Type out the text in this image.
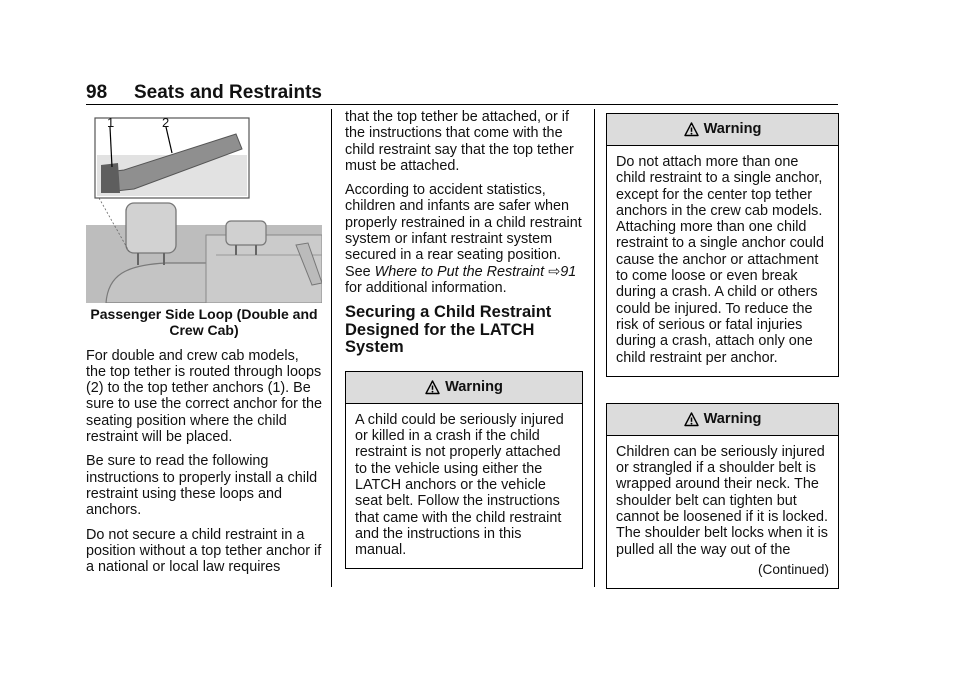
98 Seats and Restraints
1	2
Passenger Side Loop (Double and Crew Cab)

For double and crew cab models, the top tether is routed through loops (2) to the top tether anchors (1). Be sure to use the correct anchor for the seating position where the child restraint will be placed.

Be sure to read the following instructions to properly install a child restraint using these loops and anchors.

Do not secure a child restraint in a position without a top tether anchor if a national or local law requires

that the top tether be attached, or if the instructions that come with the child restraint say that the top tether must be attached.

According to accident statistics, children and infants are safer when properly restrained in a child restraint system or infant restraint system secured in a rear seating position. See Where to Put the Restraint ⇨91 for additional information.

Securing a Child Restraint Designed for the LATCH System
Warning
A child could be seriously injured or killed in a crash if the child restraint is not properly attached to the vehicle using either the LATCH anchors or the vehicle seat belt. Follow the instructions that came with the child restraint and the instructions in this manual.
Warning
Do not attach more than one child restraint to a single anchor, except for the center top tether anchors in the crew cab models. Attaching more than one child restraint to a single anchor could cause the anchor or attachment to come loose or even break during a crash. A child or others could be injured. To reduce the risk of serious or fatal injuries during a crash, attach only one child restraint per anchor.
Warning
Children can be seriously injured or strangled if a shoulder belt is wrapped around their neck. The shoulder belt can tighten but cannot be loosened if it is locked. The shoulder belt locks when it is pulled all the way out of the
(Continued)
